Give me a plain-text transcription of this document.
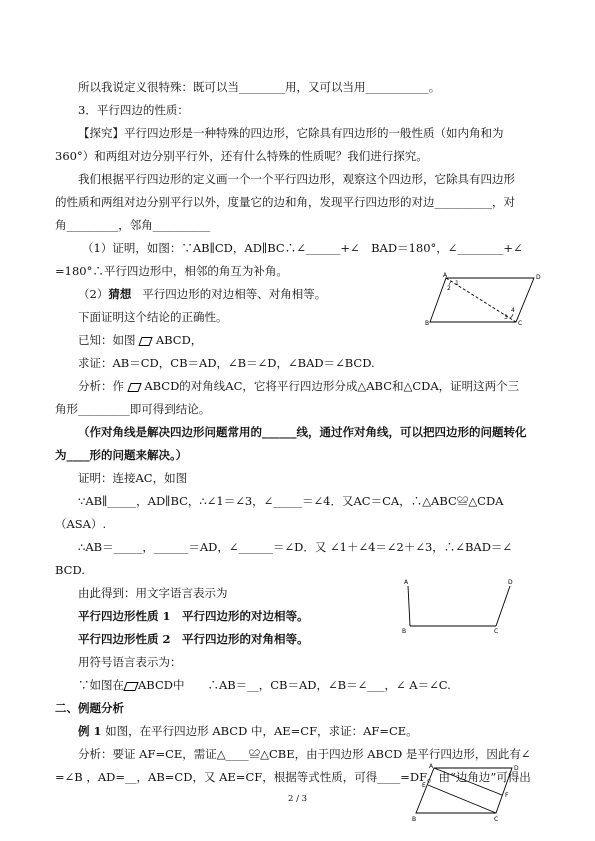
所以我说定义很特殊：既可以当________用，又可以当用___________。
3．平行四边的性质：
【探究】平行四边形是一种特殊的四边形，它除具有四边形的一般性质（如内角和为
360°）和两组对边分别平行外，还有什么特殊的性质呢？我们进行探究。
我们根据平行四边形的定义画一个一个平行四边形，观察这个四边形，它除具有四边形
的性质和两组对边分别平行以外，度量它的边和角，发现平行四边形的对边__________，对
角_________，邻角__________
（1）证明，如图：∵AB∥CD，AD∥BC∴∠______+∠　BAD＝180°，∠________+∠
=180°∴平行四边形中，相邻的角互为补角。
（2）猜想 平行四边形的对边相等、对角相等。
下面证明这个结论的正确性。
已知：如图 ABCD，
求证：AB＝CD，CB＝AD，∠B＝∠D，∠BAD＝∠BCD.
分析：作 ABCD的对角线AC，它将平行四边形分成△ABC和△CDA，证明这两个三
角形_________即可得到结论。
（作对角线是解决四边形问题常用的______线，通过作对角线，可以把四边形的问题转化
为____形的问题来解决。）
证明：连接AC，如图
∵AB∥_____，AD∥BC，∴∠1＝∠3，∠_____＝∠4．又AC＝CA，∴△ABC≌△CDA
（ASA）.
∴AB＝_____，______＝AD，∠______＝∠D．又 ∠1＋∠4＝∠2＋∠3，∴∠BAD＝∠
BCD.
由此得到：用文字语言表示为
平行四边形性质 1　平行四边形的对边相等。
平行四边形性质 2　平行四边形的对角相等。
用符号语言表示为：
∵如图在 ABCD中　　∴AB＝__，CB＝AD，∠B＝∠___，∠ A＝∠C.
二、例题分析
例 1 如图，在平行四边形 ABCD 中，AE=CF，求证：AF=CE。
分析：要证 AF=CE，需证△____≌△CBE，由于四边形 ABCD 是平行四边形，因此有∠
=∠B ，AD=__，AB=CD，又 AE=CF，根据等式性质，可得____=DF。由“边角边”可得出
A	D
B	C
1
2
3
4
A	D
B	C
A	D
E
F
B	C
2 / 3
